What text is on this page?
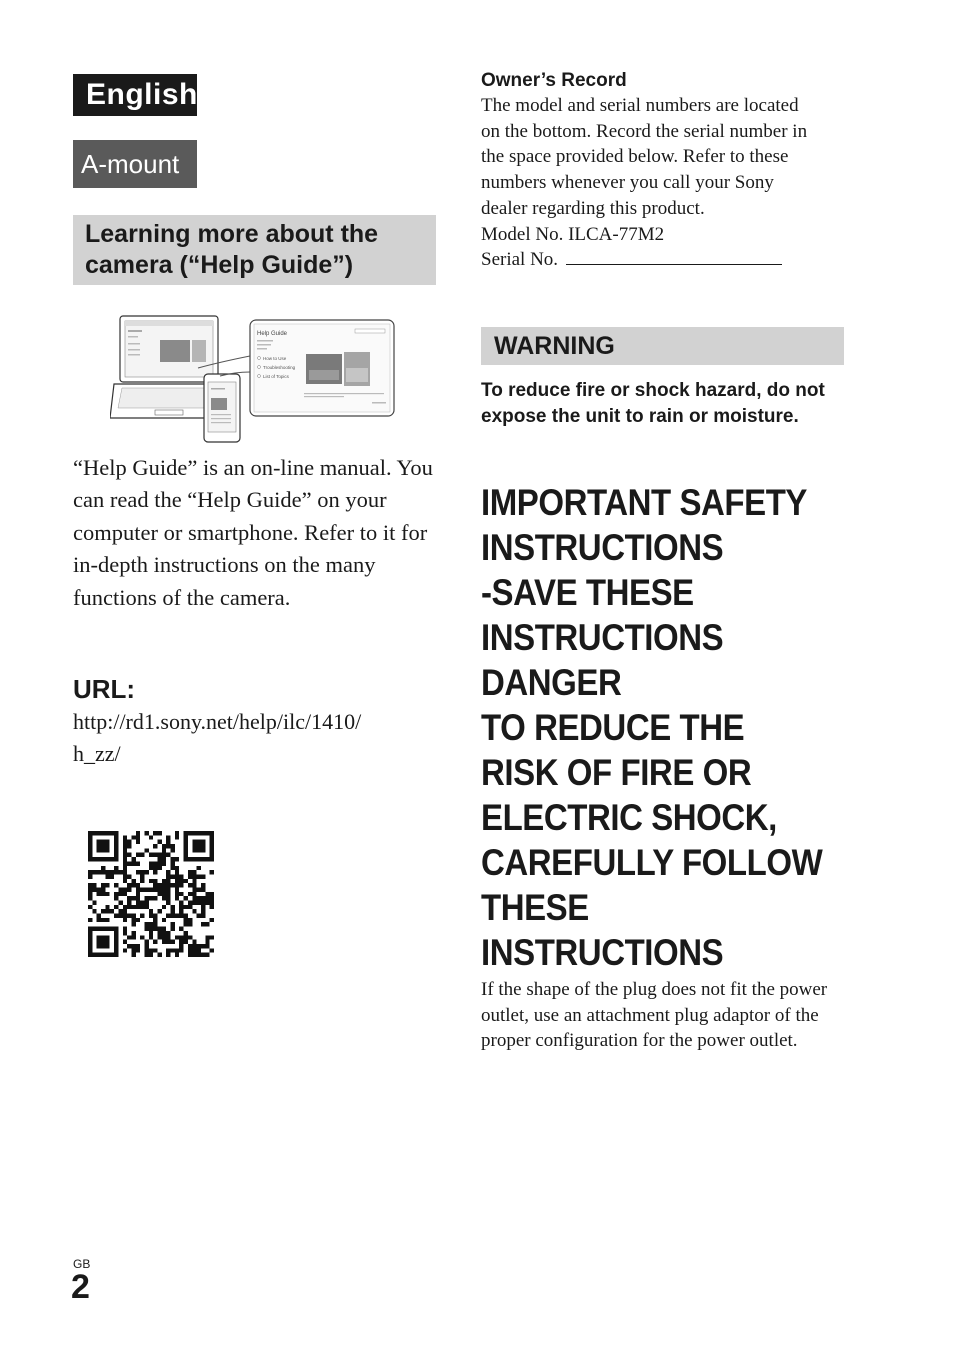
English
A-mount
Learning more about the
camera (“Help Guide”)
Help Guide
How to Use
Troubleshooting
List of Topics
“Help Guide” is an on-line manual. You can read the “Help Guide” on your computer or smartphone. Refer to it for in-depth instructions on the many functions of the camera.
URL:
http://rd1.sony.net/help/ilc/1410/
h_zz/
Owner’s Record
The model and serial numbers are located
on the bottom. Record the serial number in
the space provided below. Refer to these
numbers whenever you call your Sony
dealer regarding this product.
Model No. ILCA-77M2
Serial No.
WARNING
To reduce fire or shock hazard, do not expose the unit to rain or moisture.
IMPORTANT SAFETY
INSTRUCTIONS
-SAVE THESE
INSTRUCTIONS
DANGER
TO REDUCE THE
RISK OF FIRE OR
ELECTRIC SHOCK,
CAREFULLY FOLLOW
THESE
INSTRUCTIONS
If the shape of the plug does not fit the power outlet, use an attachment plug adaptor of the proper configuration for the power outlet.
GB
2
